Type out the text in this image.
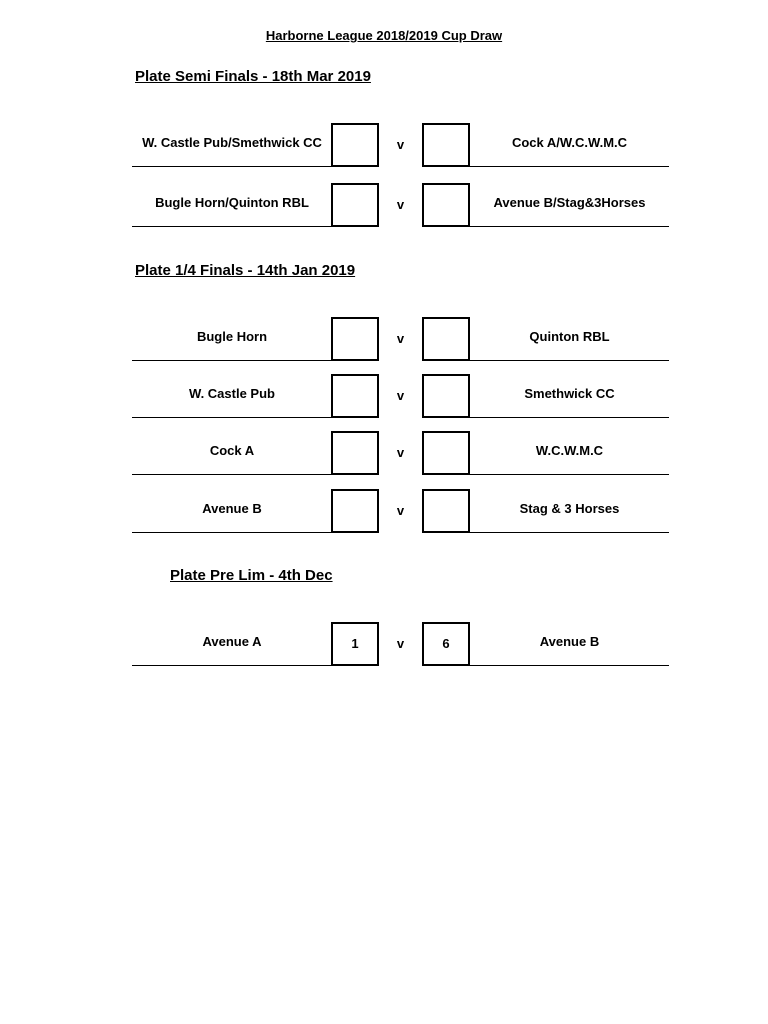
Harborne League 2018/2019 Cup Draw
Plate Semi Finals - 18th Mar 2019
W. Castle Pub/Smethwick CC	v	Cock A/W.C.W.M.C
Bugle Horn/Quinton RBL	v	Avenue B/Stag&3Horses
Plate 1/4 Finals - 14th Jan 2019
Bugle Horn	v	Quinton RBL
W. Castle Pub	v	Smethwick CC
Cock A	v	W.C.W.M.C
Avenue B	v	Stag & 3 Horses
Plate Pre Lim - 4th Dec
Avenue A	1	v	6	Avenue B
